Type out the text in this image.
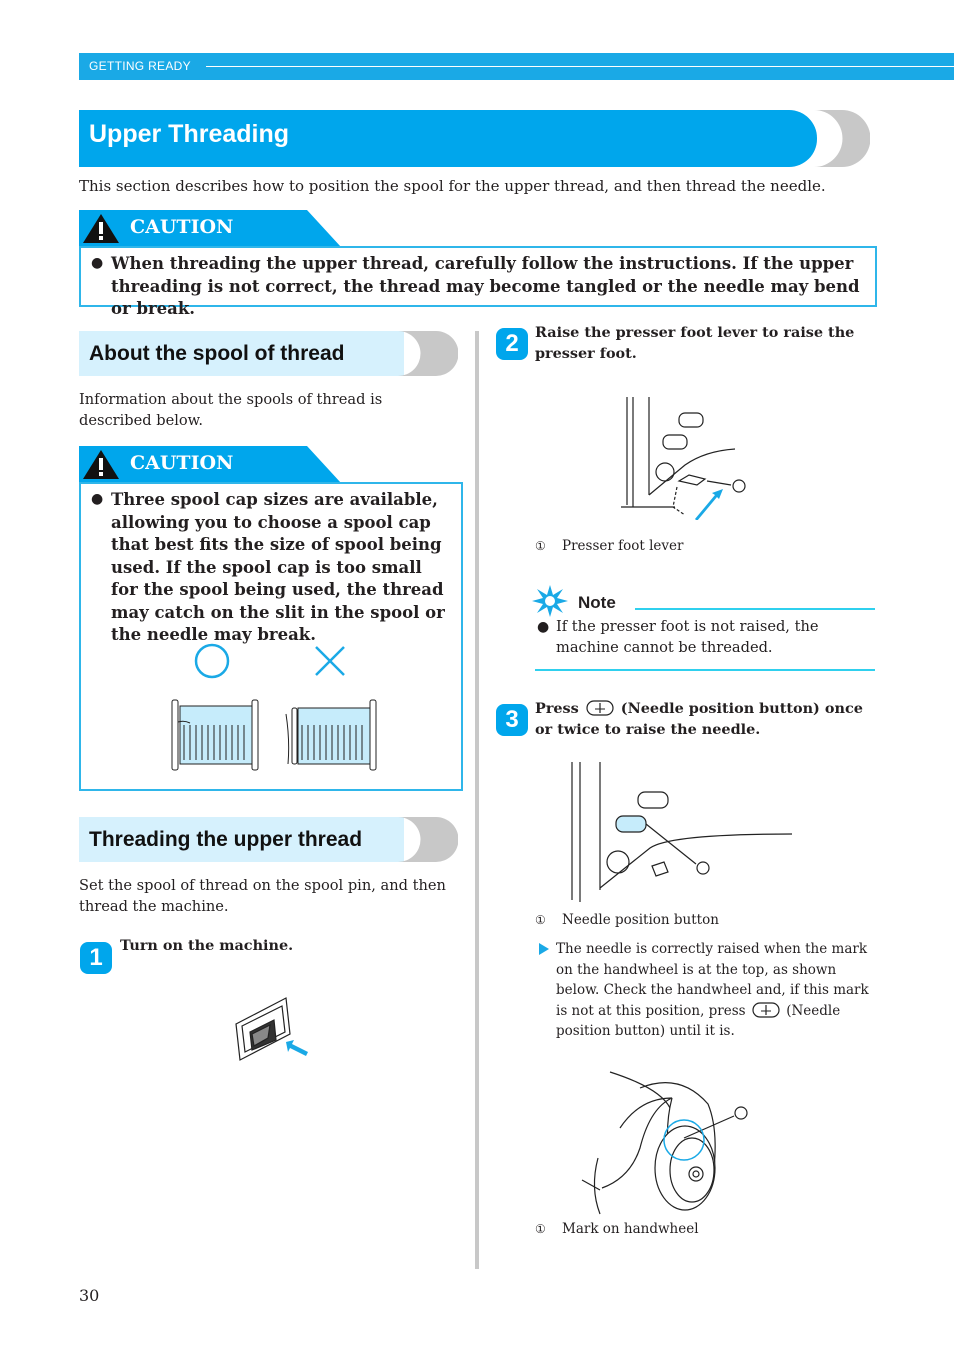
GETTING READY
Upper Threading
This section describes how to position the spool for the upper thread, and then thread the needle.
CAUTION
● When threading the upper thread, carefully follow the instructions. If the upper threading is not correct, the thread may become tangled or the needle may bend or break.
About the spool of thread
Information about the spools of thread is described below.
CAUTION
● Three spool cap sizes are available, allowing you to choose a spool cap that best fits the size of spool being used. If the spool cap is too small for the spool being used, the thread may catch on the slit in the spool or the needle may break.
Threading the upper thread
Set the spool of thread on the spool pin, and then thread the machine.
1	Turn on the machine.
2	Raise the presser foot lever to raise the presser foot.
① Presser foot lever
Note
● If the presser foot is not raised, the machine cannot be threaded.
3	Press	(Needle position button) once or twice to raise the needle.
① Needle position button
The needle is correctly raised when the mark on the handwheel is at the top, as shown below. Check the handwheel and, if this mark is not at this position, press	(Needle position button) until it is.
① Mark on handwheel
30
